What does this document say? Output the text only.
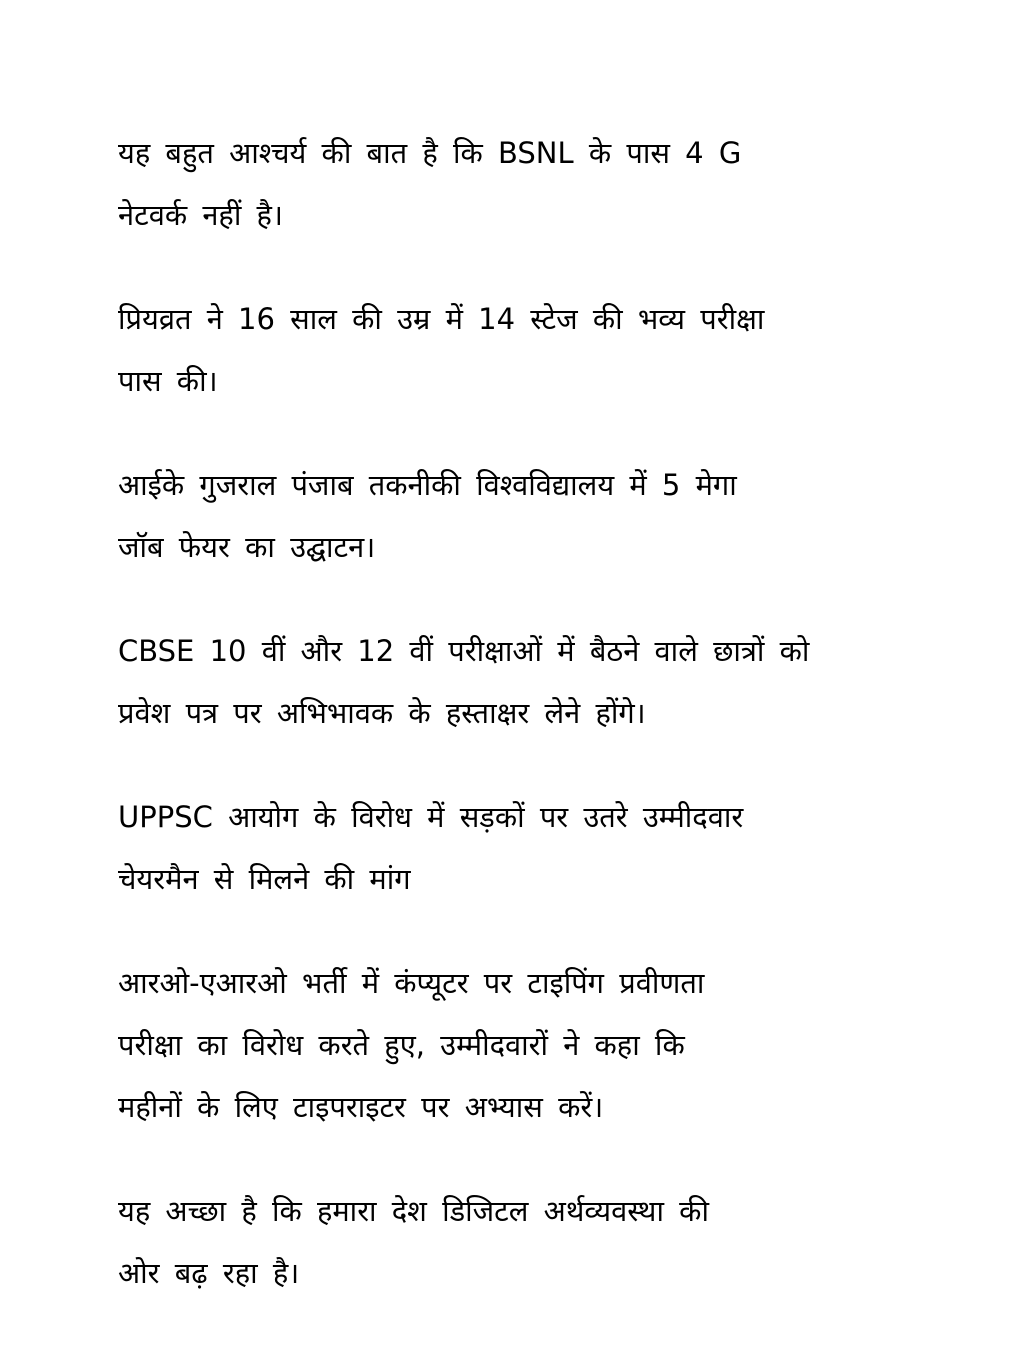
यह बहुत आश्चर्य की बात है कि BSNL के पास 4 G
नेटवर्क नहीं है।

प्रियव्रत ने 16 साल की उम्र में 14 स्टेज की भव्य परीक्षा
पास की।

आईके गुजराल पंजाब तकनीकी विश्वविद्यालय में 5 मेगा
जॉब फेयर का उद्घाटन।

CBSE 10 वीं और 12 वीं परीक्षाओं में बैठने वाले छात्रों को
प्रवेश पत्र पर अभिभावक के हस्ताक्षर लेने होंगे।

UPPSC आयोग के विरोध में सड़कों पर उतरे उम्मीदवार
चेयरमैन से मिलने की मांग

आरओ-एआरओ भर्ती में कंप्यूटर पर टाइपिंग प्रवीणता
परीक्षा का विरोध करते हुए, उम्मीदवारों ने कहा कि
महीनों के लिए टाइपराइटर पर अभ्यास करें।

यह अच्छा है कि हमारा देश डिजिटल अर्थव्यवस्था की
ओर बढ़ रहा है।
